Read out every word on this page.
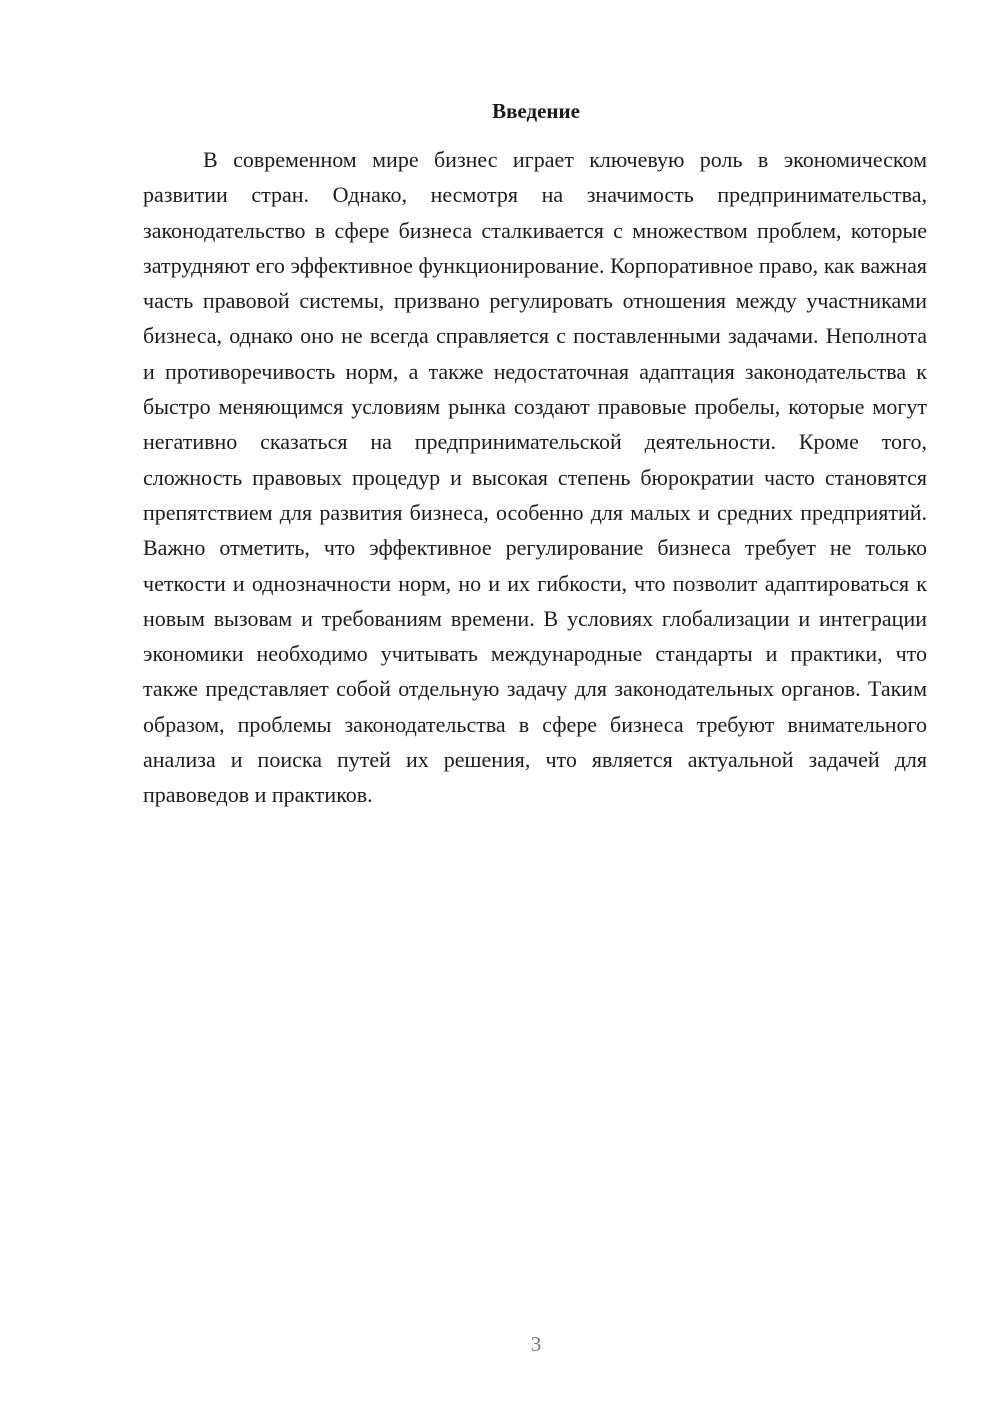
Введение

В современном мире бизнес играет ключевую роль в экономическом развитии стран. Однако, несмотря на значимость предпринимательства, законодательство в сфере бизнеса сталкивается с множеством проблем, которые затрудняют его эффективное функционирование. Корпоративное право, как важная часть правовой системы, призвано регулировать отношения между участниками бизнеса, однако оно не всегда справляется с поставленными задачами. Неполнота и противоречивость норм, а также недостаточная адаптация законодательства к быстро меняющимся условиям рынка создают правовые пробелы, которые могут негативно сказаться на предпринимательской деятельности. Кроме того, сложность правовых процедур и высокая степень бюрократии часто становятся препятствием для развития бизнеса, особенно для малых и средних предприятий. Важно отметить, что эффективное регулирование бизнеса требует не только четкости и однозначности норм, но и их гибкости, что позволит адаптироваться к новым вызовам и требованиям времени. В условиях глобализации и интеграции экономики необходимо учитывать международные стандарты и практики, что также представляет собой отдельную задачу для законодательных органов. Таким образом, проблемы законодательства в сфере бизнеса требуют внимательного анализа и поиска путей их решения, что является актуальной задачей для правоведов и практиков.

3
